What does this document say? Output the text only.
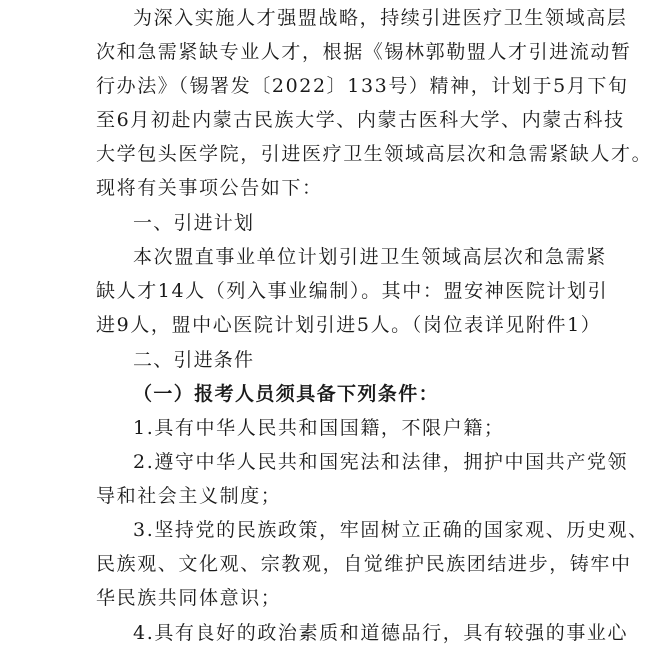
为深入实施人才强盟战略，持续引进医疗卫生领域高层
次和急需紧缺专业人才，根据《锡林郭勒盟人才引进流动暂
行办法》（锡署发〔2022〕133号）精神，计划于5月下旬
至6月初赴内蒙古民族大学、内蒙古医科大学、内蒙古科技
大学包头医学院，引进医疗卫生领域高层次和急需紧缺人才。
现将有关事项公告如下：
一、引进计划
本次盟直事业单位计划引进卫生领域高层次和急需紧
缺人才14人（列入事业编制）。其中：盟安神医院计划引
进9人，盟中心医院计划引进5人。（岗位表详见附件1）
二、引进条件
（一）报考人员须具备下列条件：
1.具有中华人民共和国国籍，不限户籍；
2.遵守中华人民共和国宪法和法律，拥护中国共产党领
导和社会主义制度；
3.坚持党的民族政策，牢固树立正确的国家观、历史观、
民族观、文化观、宗教观，自觉维护民族团结进步，铸牢中
华民族共同体意识；
4.具有良好的政治素质和道德品行，具有较强的事业心
